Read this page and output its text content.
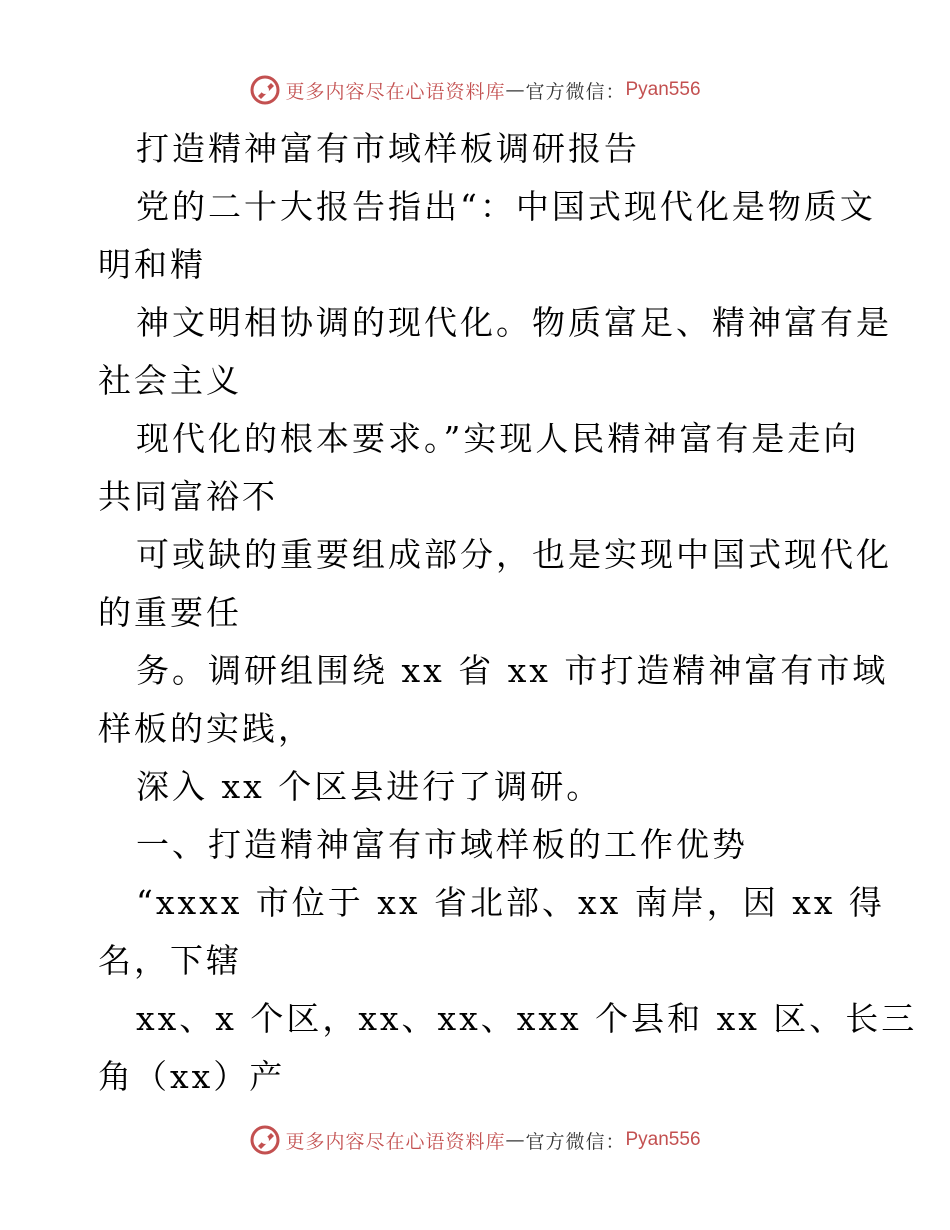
更多内容尽在心语资料库 — 官方微信： Pyan556
打造精神富有市域样板调研报告
党的二十大报告指出“：中国式现代化是物质文
明和精
神文明相协调的现代化。物质富足、精神富有是
社会主义
现代化的根本要求。”实现人民精神富有是走向
共同富裕不
可或缺的重要组成部分，也是实现中国式现代化
的重要任
务。调研组围绕 xx 省 xx 市打造精神富有市域
样板的实践，
深入 xx 个区县进行了调研。
一、打造精神富有市域样板的工作优势
“xxxx 市位于 xx 省北部、xx 南岸，因 xx 得
名，下辖
xx、x 个区，xx、xx、xxx 个县和 xx 区、长三
角（xx）产
更多内容尽在心语资料库 — 官方微信： Pyan556
